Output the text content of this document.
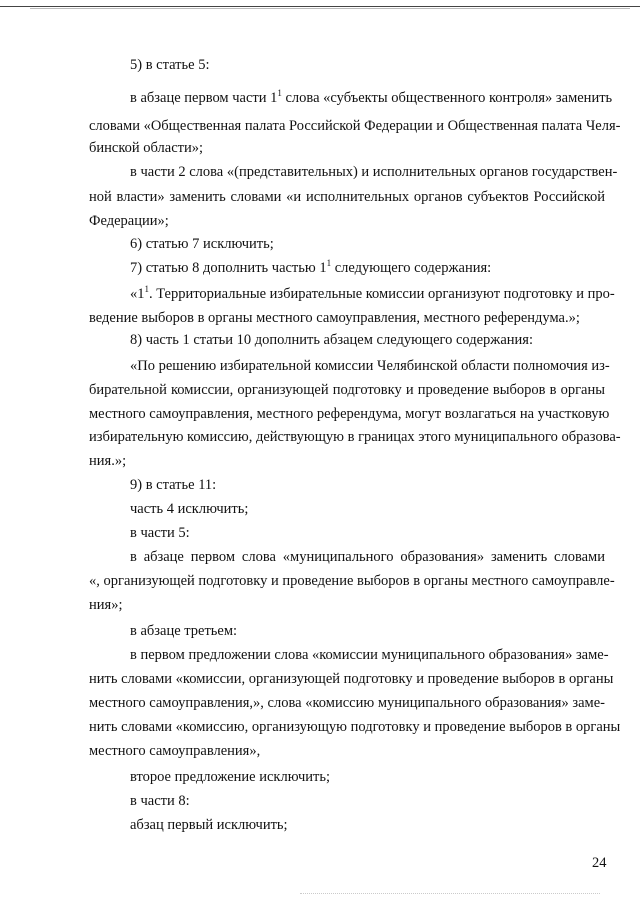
5) в статье 5:
в абзаце первом части $1^1$ слова «субъекты общественного контроля» заменить
словами «Общественная палата Российской Федерации и Общественная палата Челя-
бинской области»;
в части 2 слова «(представительных) и исполнительных органов государствен-
ной власти» заменить словами «и исполнительных органов субъектов Российской
Федерации»;
6) статью 7 исключить;
7) статью 8 дополнить частью $1^1$ следующего содержания:
«$1^1$. Территориальные избирательные комиссии организуют подготовку и про-
ведение выборов в органы местного самоуправления, местного референдума.»;
8) часть 1 статьи 10 дополнить абзацем следующего содержания:
«По решению избирательной комиссии Челябинской области полномочия из-
бирательной комиссии, организующей подготовку и проведение выборов в органы
местного самоуправления, местного референдума, могут возлагаться на участковую
избирательную комиссию, действующую в границах этого муниципального образова-
ния.»;
9) в статье 11:
часть 4 исключить;
в части 5:
в абзаце первом слова «муниципального образования» заменить словами
«, организующей подготовку и проведение выборов в органы местного самоуправле-
ния»;
в абзаце третьем:
в первом предложении слова «комиссии муниципального образования» заме-
нить словами «комиссии, организующей подготовку и проведение выборов в органы
местного самоуправления,», слова «комиссию муниципального образования» заме-
нить словами «комиссию, организующую подготовку и проведение выборов в органы
местного самоуправления»,
второе предложение исключить;
в части 8:
абзац первый исключить;
24
